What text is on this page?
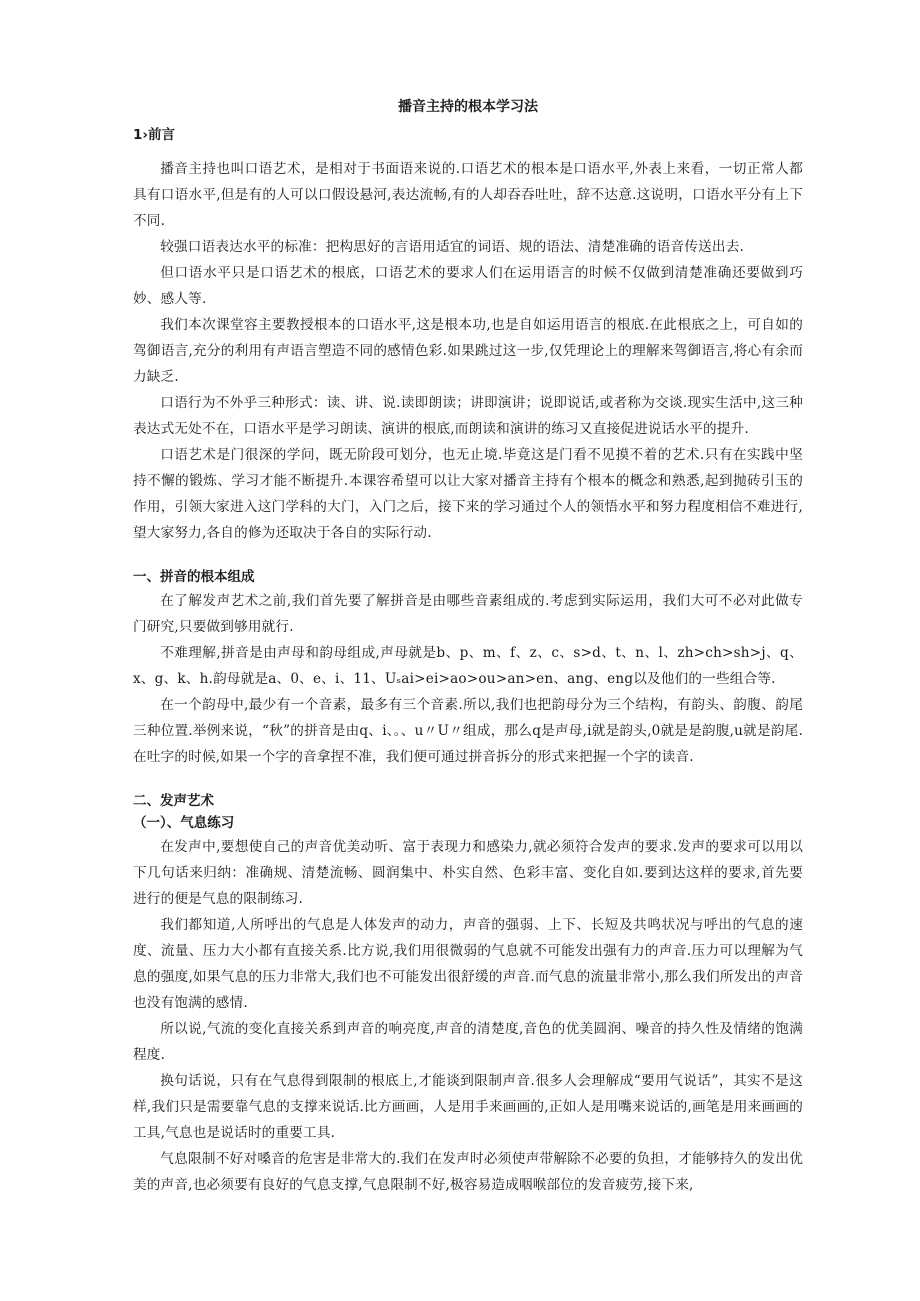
播音主持的根本学习法
1›前言

播音主持也叫口语艺术，是相对于书面语来说的.口语艺术的根本是口语水平,外表上来看，一切正常人都具有口语水平,但是有的人可以口假设悬河,表达流畅,有的人却吞吞吐吐，辞不达意.这说明，口语水平分有上下不同.

较强口语表达水平的标准：把构思好的言语用适宜的词语、规的语法、清楚准确的语音传送出去.

但口语水平只是口语艺术的根底，口语艺术的要求人们在运用语言的时候不仅做到清楚准确还要做到巧妙、感人等.

我们本次课堂容主要教授根本的口语水平,这是根本功,也是自如运用语言的根底.在此根底之上，可自如的驾御语言,充分的利用有声语言塑造不同的感情色彩.如果跳过这一步,仅凭理论上的理解来驾御语言,将心有余而力缺乏.

口语行为不外乎三种形式：读、讲、说.读即朗读；讲即演讲；说即说话,或者称为交谈.现实生活中,这三种表达式无处不在，口语水平是学习朗读、演讲的根底,而朗读和演讲的练习又直接促进说话水平的提升.

口语艺术是门很深的学问，既无阶段可划分，也无止境.毕竟这是门看不见摸不着的艺术.只有在实践中坚持不懈的锻炼、学习才能不断提升.本课容希望可以让大家对播音主持有个根本的概念和熟悉,起到抛砖引玉的作用，引领大家进入这门学科的大门，入门之后，接下来的学习通过个人的领悟水平和努力程度相信不难进行,望大家努力,各自的修为还取决于各自的实际行动.

一、拼音的根本组成

在了解发声艺术之前,我们首先要了解拼音是由哪些音素组成的.考虑到实际运用，我们大可不必对此做专门研究,只要做到够用就行.

不难理解,拼音是由声母和韵母组成,声母就是b、p、m、f、z、c、s>d、t、n、l、zh>ch>sh>j、q、x、g、k、h.韵母就是a、0、e、i、11、Uₛai>ei>ao>ou>an>en、ang、eng以及他们的一些组合等.

在一个韵母中,最少有一个音素，最多有三个音素.所以,我们也把韵母分为三个结构，有韵头、韵腹、韵尾三种位置.举例来说，“秋”的拼音是由q、i、。、u〃U〃组成，那么q是声母,i就是韵头,0就是是韵腹,u就是韵尾.在吐字的时候,如果一个字的音拿捏不准，我们便可通过拼音拆分的形式来把握一个字的读音.

二、发声艺术
（一）、气息练习

在发声中,要想使自己的声音优美动听、富于表现力和感染力,就必须符合发声的要求.发声的要求可以用以下几句话来归纳：准确规、清楚流畅、圆润集中、朴实自然、色彩丰富、变化自如.要到达这样的要求,首先要进行的便是气息的限制练习.

我们都知道,人所呼出的气息是人体发声的动力，声音的强弱、上下、长短及共鸣状况与呼出的气息的速度、流量、压力大小都有直接关系.比方说,我们用很微弱的气息就不可能发出强有力的声音.压力可以理解为气息的强度,如果气息的压力非常大,我们也不可能发出很舒缓的声音.而气息的流量非常小,那么我们所发出的声音也没有饱满的感情.

所以说,气流的变化直接关系到声音的响亮度,声音的清楚度,音色的优美圆润、噪音的持久性及情绪的饱满程度.

换句话说，只有在气息得到限制的根底上,才能谈到限制声音.很多人会理解成“要用气说话”，其实不是这样,我们只是需要靠气息的支撑来说话.比方画画，人是用手来画画的,正如人是用嘴来说话的,画笔是用来画画的工具,气息也是说话时的重要工具.

气息限制不好对嗓音的危害是非常大的.我们在发声时必须使声带解除不必要的负担，才能够持久的发出优美的声音,也必须要有良好的气息支撑,气息限制不好,极容易造成咽喉部位的发音疲劳,接下来,
